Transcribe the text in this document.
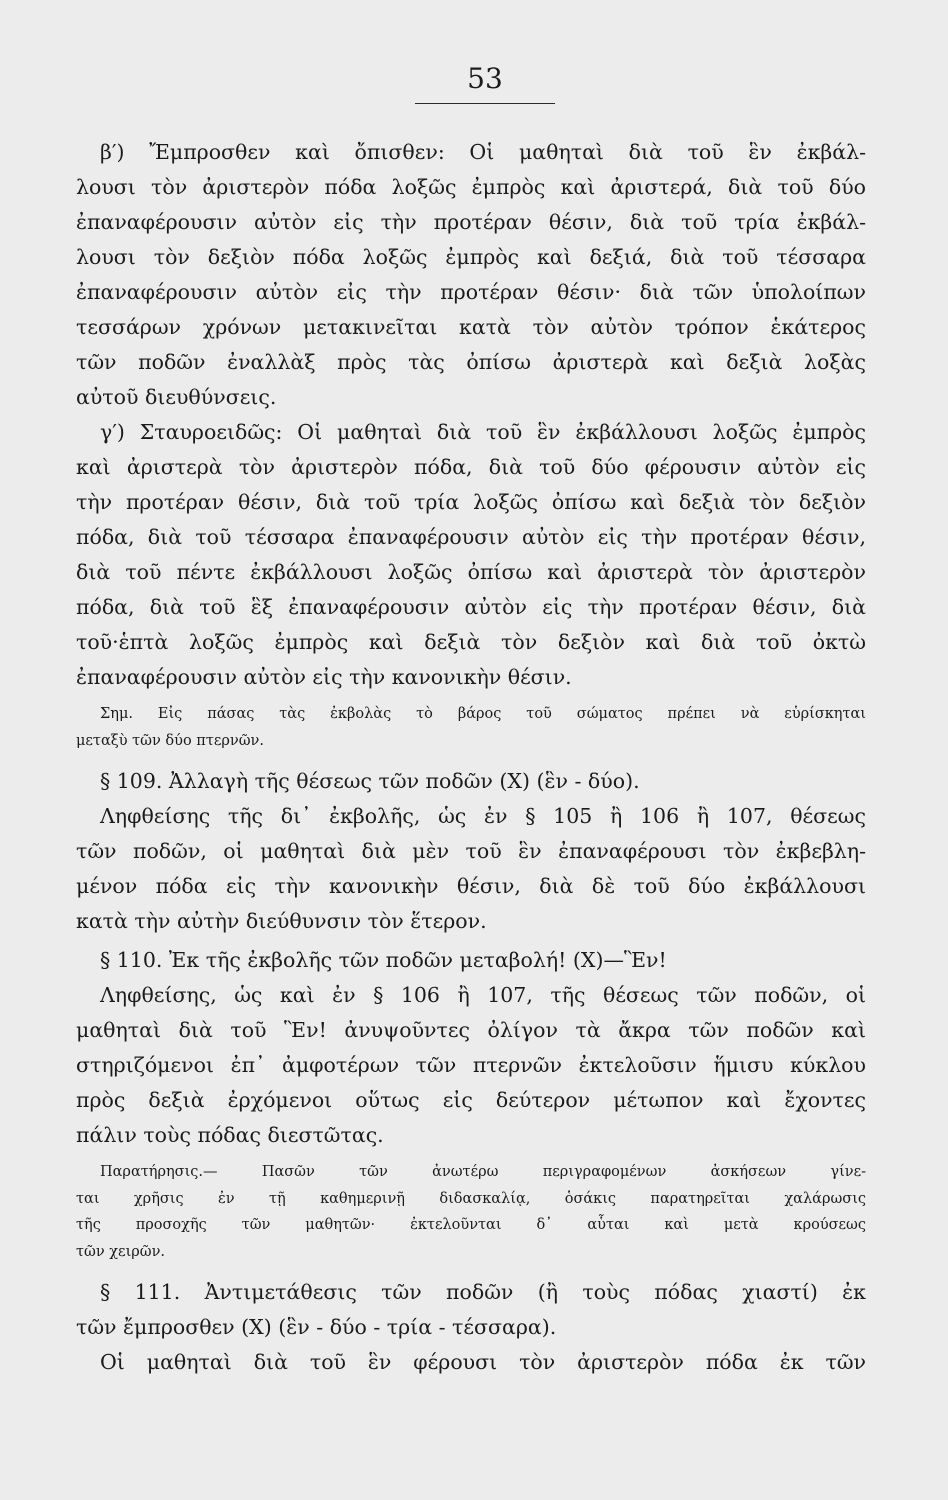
53
β′) Ἔμπροσθεν καὶ ὄπισθεν: Οἱ μαθηταὶ διὰ τοῦ ἓν ἐκβάλ-
λουσι τὸν ἀριστερὸν πόδα λοξῶς ἐμπρὸς καὶ ἀριστερά, διὰ τοῦ δύο
ἐπαναφέρουσιν αὐτὸν εἰς τὴν προτέραν θέσιν, διὰ τοῦ τρία ἐκβάλ-
λουσι τὸν δεξιὸν πόδα λοξῶς ἐμπρὸς καὶ δεξιά, διὰ τοῦ τέσσαρα
ἐπαναφέρουσιν αὐτὸν εἰς τὴν προτέραν θέσιν· διὰ τῶν ὑπολοίπων
τεσσάρων χρόνων μετακινεῖται κατὰ τὸν αὐτὸν τρόπον ἑκάτερος
τῶν ποδῶν ἐναλλὰξ πρὸς τὰς ὀπίσω ἀριστερὰ καὶ δεξιὰ λοξὰς
αὐτοῦ διευθύνσεις.
γ′) Σταυροειδῶς: Οἱ μαθηταὶ διὰ τοῦ ἓν ἐκβάλλουσι λοξῶς ἐμπρὸς
καὶ ἀριστερὰ τὸν ἀριστερὸν πόδα, διὰ τοῦ δύο φέρουσιν αὐτὸν εἰς
τὴν προτέραν θέσιν, διὰ τοῦ τρία λοξῶς ὀπίσω καὶ δεξιὰ τὸν δεξιὸν
πόδα, διὰ τοῦ τέσσαρα ἐπαναφέρουσιν αὐτὸν εἰς τὴν προτέραν θέσιν,
διὰ τοῦ πέντε ἐκβάλλουσι λοξῶς ὀπίσω καὶ ἀριστερὰ τὸν ἀριστερὸν
πόδα, διὰ τοῦ ἓξ ἐπαναφέρουσιν αὐτὸν εἰς τὴν προτέραν θέσιν, διὰ
τοῦ·ἑπτὰ λοξῶς ἐμπρὸς καὶ δεξιὰ τὸν δεξιὸν καὶ διὰ τοῦ ὀκτὼ
ἐπαναφέρουσιν αὐτὸν εἰς τὴν κανονικὴν θέσιν.
Σημ. Εἰς πάσας τὰς ἐκβολὰς τὸ βάρος τοῦ σώματος πρέπει νὰ εὑρίσκηται
μεταξὺ τῶν δύο πτερνῶν.
§ 109. Ἀλλαγὴ τῆς θέσεως τῶν ποδῶν (Χ) (ἓν - δύο).
Ληφθείσης τῆς δι᾽ ἐκβολῆς, ὡς ἐν § 105 ἢ 106 ἢ 107, θέσεως
τῶν ποδῶν, οἱ μαθηταὶ διὰ μὲν τοῦ ἓν ἐπαναφέρουσι τὸν ἐκβεβλη-
μένον πόδα εἰς τὴν κανονικὴν θέσιν, διὰ δὲ τοῦ δύο ἐκβάλλουσι
κατὰ τὴν αὐτὴν διεύθυνσιν τὸν ἕτερον.
§ 110. Ἐκ τῆς ἐκβολῆς τῶν ποδῶν μεταβολή! (Χ)—Ἓν!
Ληφθείσης, ὡς καὶ ἐν § 106 ἢ 107, τῆς θέσεως τῶν ποδῶν, οἱ
μαθηταὶ διὰ τοῦ Ἓν! ἀνυψοῦντες ὀλίγον τὰ ἄκρα τῶν ποδῶν καὶ
στηριζόμενοι ἐπ᾽ ἀμφοτέρων τῶν πτερνῶν ἐκτελοῦσιν ἥμισυ κύκλου
πρὸς δεξιὰ ἐρχόμενοι οὕτως εἰς δεύτερον μέτωπον καὶ ἔχοντες
πάλιν τοὺς πόδας διεστῶτας.
Παρατήρησις.— Πασῶν τῶν ἀνωτέρω περιγραφομένων ἀσκήσεων γίνε-
ται χρῆσις ἐν τῇ καθημερινῇ διδασκαλίᾳ, ὁσάκις παρατηρεῖται χαλάρωσις
τῆς προσοχῆς τῶν μαθητῶν· ἐκτελοῦνται δ᾽ αὗται καὶ μετὰ κρούσεως
τῶν χειρῶν.
§ 111. Ἀντιμετάθεσις τῶν ποδῶν (ἢ τοὺς πόδας χιαστί) ἐκ
τῶν ἔμπροσθεν (Χ) (ἓν - δύο - τρία - τέσσαρα).
Οἱ μαθηταὶ διὰ τοῦ ἓν φέρουσι τὸν ἀριστερὸν πόδα ἐκ τῶν
